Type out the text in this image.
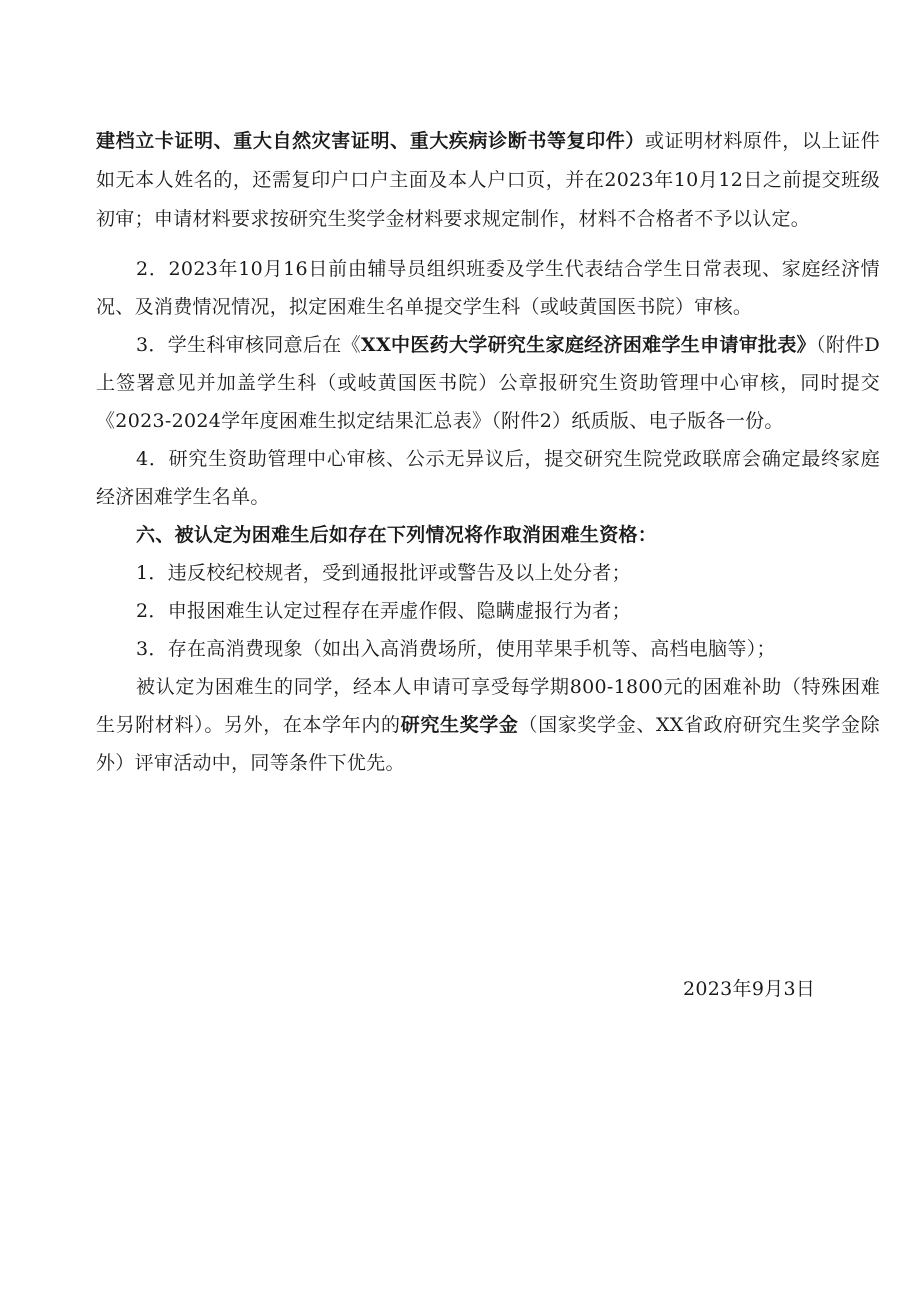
建档立卡证明、重大自然灾害证明、重大疾病诊断书等复印件）或证明材料原件，以上证件如无本人姓名的，还需复印户口户主面及本人户口页，并在2023年10月12日之前提交班级初审；申请材料要求按研究生奖学金材料要求规定制作，材料不合格者不予以认定。

2．2023年10月16日前由辅导员组织班委及学生代表结合学生日常表现、家庭经济情况、及消费情况情况，拟定困难生名单提交学生科（或岐黄国医书院）审核。

3．学生科审核同意后在《XX中医药大学研究生家庭经济困难学生申请审批表》（附件D上签署意见并加盖学生科（或岐黄国医书院）公章报研究生资助管理中心审核，同时提交《2023-2024学年度困难生拟定结果汇总表》（附件2）纸质版、电子版各一份。

4．研究生资助管理中心审核、公示无异议后，提交研究生院党政联席会确定最终家庭经济困难学生名单。

六、被认定为困难生后如存在下列情况将作取消困难生资格：

1．违反校纪校规者，受到通报批评或警告及以上处分者；

2．申报困难生认定过程存在弄虚作假、隐瞒虚报行为者；

3．存在高消费现象（如出入高消费场所，使用苹果手机等、高档电脑等）；

被认定为困难生的同学，经本人申请可享受每学期800-1800元的困难补助（特殊困难生另附材料）。另外，在本学年内的研究生奖学金（国家奖学金、XX省政府研究生奖学金除外）评审活动中，同等条件下优先。

2023年9月3日
